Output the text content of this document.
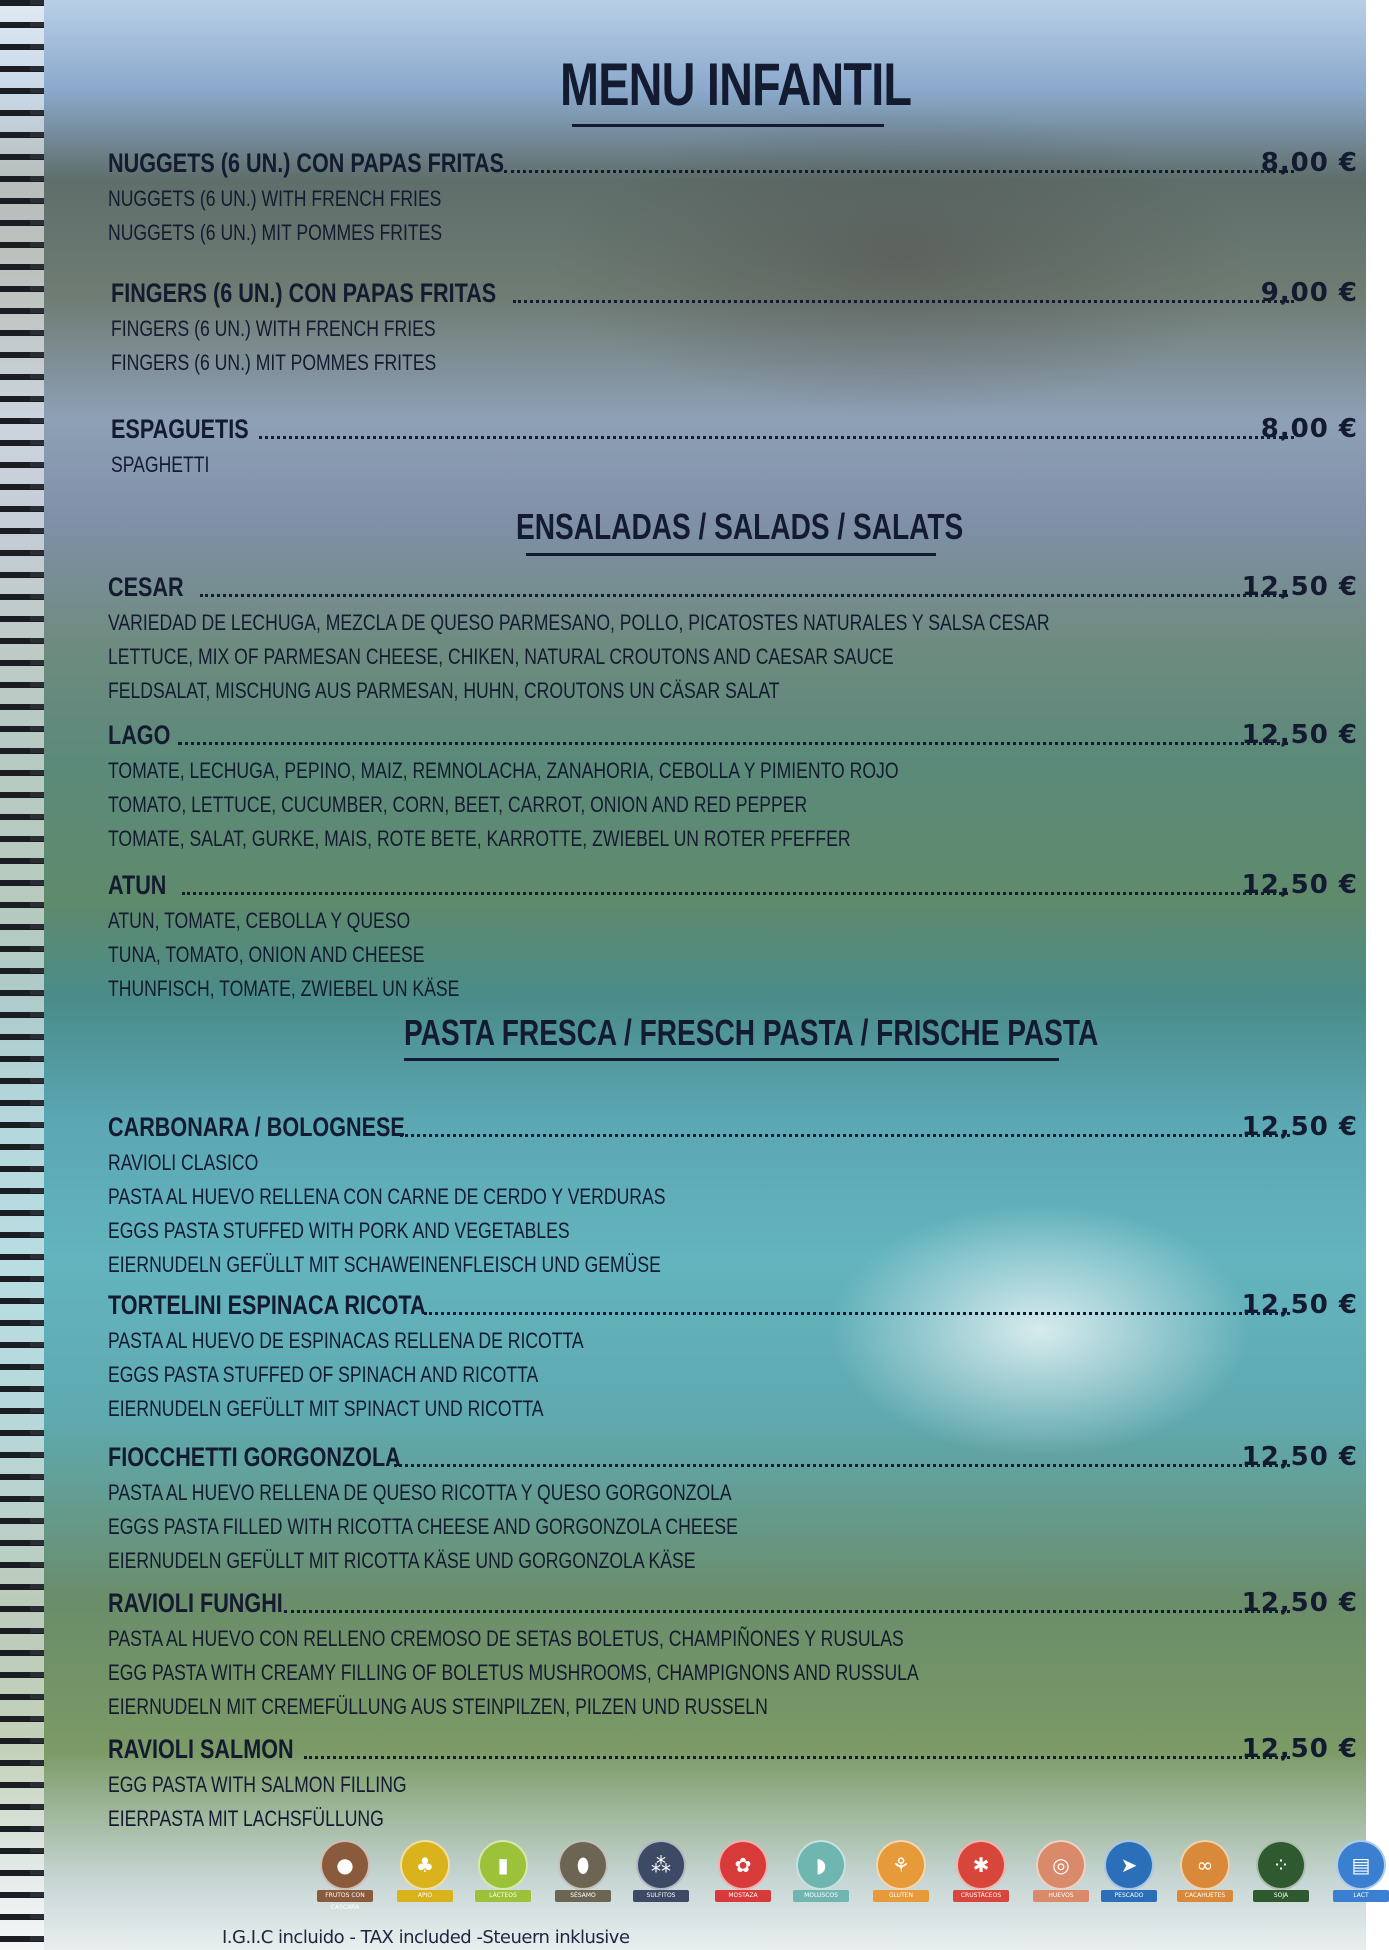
MENU INFANTIL
NUGGETS (6 UN.) CON PAPAS FRITAS	8,00 €
NUGGETS (6 UN.) WITH FRENCH FRIES
NUGGETS (6 UN.) MIT POMMES FRITES
FINGERS (6 UN.) CON PAPAS FRITAS	9,00 €
FINGERS (6 UN.) WITH FRENCH FRIES
FINGERS (6 UN.) MIT POMMES FRITES
ESPAGUETIS	8,00 €
SPAGHETTI
ENSALADAS / SALADS / SALATS
CESAR	12,50 €
VARIEDAD DE LECHUGA, MEZCLA DE QUESO PARMESANO, POLLO, PICATOSTES NATURALES Y SALSA CESAR
LETTUCE, MIX OF PARMESAN CHEESE, CHIKEN, NATURAL CROUTONS AND CAESAR SAUCE
FELDSALAT, MISCHUNG AUS PARMESAN, HUHN, CROUTONS UN CÄSAR SALAT
LAGO	12,50 €
TOMATE, LECHUGA, PEPINO, MAIZ, REMNOLACHA, ZANAHORIA, CEBOLLA Y PIMIENTO ROJO
TOMATO, LETTUCE, CUCUMBER, CORN, BEET, CARROT, ONION AND RED PEPPER
TOMATE, SALAT, GURKE, MAIS, ROTE BETE, KARROTTE, ZWIEBEL UN ROTER PFEFFER
ATUN	12,50 €
ATUN, TOMATE, CEBOLLA Y QUESO
TUNA, TOMATO, ONION AND CHEESE
THUNFISCH, TOMATE, ZWIEBEL UN KÄSE
PASTA FRESCA / FRESCH PASTA / FRISCHE PASTA
CARBONARA / BOLOGNESE	12,50 €
RAVIOLI CLASICO
PASTA AL HUEVO RELLENA CON CARNE DE CERDO Y VERDURAS
EGGS PASTA STUFFED WITH PORK AND VEGETABLES
EIERNUDELN GEFÜLLT MIT SCHAWEINENFLEISCH UND GEMÜSE
TORTELINI ESPINACA RICOTA	12,50 €
PASTA AL HUEVO DE ESPINACAS RELLENA DE RICOTTA
EGGS PASTA STUFFED OF SPINACH AND RICOTTA
EIERNUDELN GEFÜLLT MIT SPINACT UND RICOTTA
FIOCCHETTI GORGONZOLA	12,50 €
PASTA AL HUEVO RELLENA DE QUESO RICOTTA Y QUESO GORGONZOLA
EGGS PASTA FILLED WITH RICOTTA CHEESE AND GORGONZOLA CHEESE
EIERNUDELN GEFÜLLT MIT RICOTTA KÄSE UND GORGONZOLA KÄSE
RAVIOLI FUNGHI	12,50 €
PASTA AL HUEVO CON RELLENO CREMOSO DE SETAS BOLETUS, CHAMPIÑONES Y RUSULAS
EGG PASTA WITH CREAMY FILLING OF BOLETUS MUSHROOMS, CHAMPIGNONS AND RUSSULA
EIERNUDELN MIT CREMEFÜLLUNG AUS STEINPILZEN, PILZEN UND RUSSELN
RAVIOLI SALMON	12,50 €
EGG PASTA WITH SALMON FILLING
EIERPASTA MIT LACHSFÜLLUNG
●
FRUTOS CON CÁSCARA
♣
APIO
▮
LÁCTEOS
⬮
SÉSAMO
⁂
SULFITOS
✿
MOSTAZA
◗
MOLUSCOS
⚘
GLUTEN
✱
CRUSTÁCEOS
◎
HUEVOS
➤
PESCADO
∞
CACAHUETES
⁘
SOJA
▤
LACT
I.G.I.C incluido - TAX included -Steuern inklusive
